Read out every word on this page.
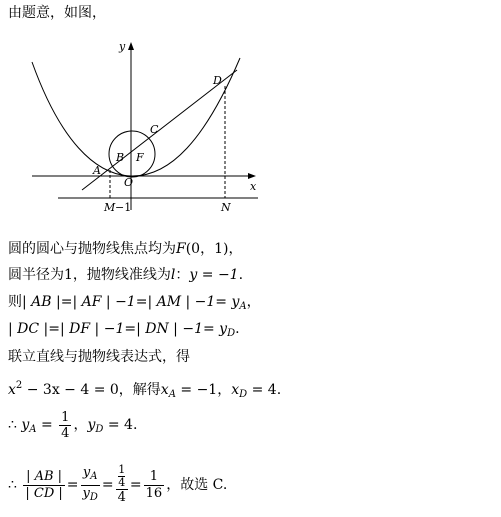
由题意，如图，
y
x
D
C
B F
A
O
M −1	N
圆的圆心与抛物线焦点均为F(0，1)，
圆半径为1，抛物线准线为l：y = −1.
则| AB |=| AF | −1=| AM | $-1= y_A$，
| DC |=| DF | −1=| DN | $-1= y_D$.
联立直线与抛物线表达式，得
$x^2 - 3x - 4 = 0$，解得$x_A = -1$，$x_D = 4$.
∴ $y_A = \frac{1}{4}$ ，$y_D = 4$.
∴ $\frac{| AB |}{| CD |} = \frac{y_A}{y_D} = \frac{\frac{1}{4}}{4} = \frac{1}{16}$ ，故选 C.
